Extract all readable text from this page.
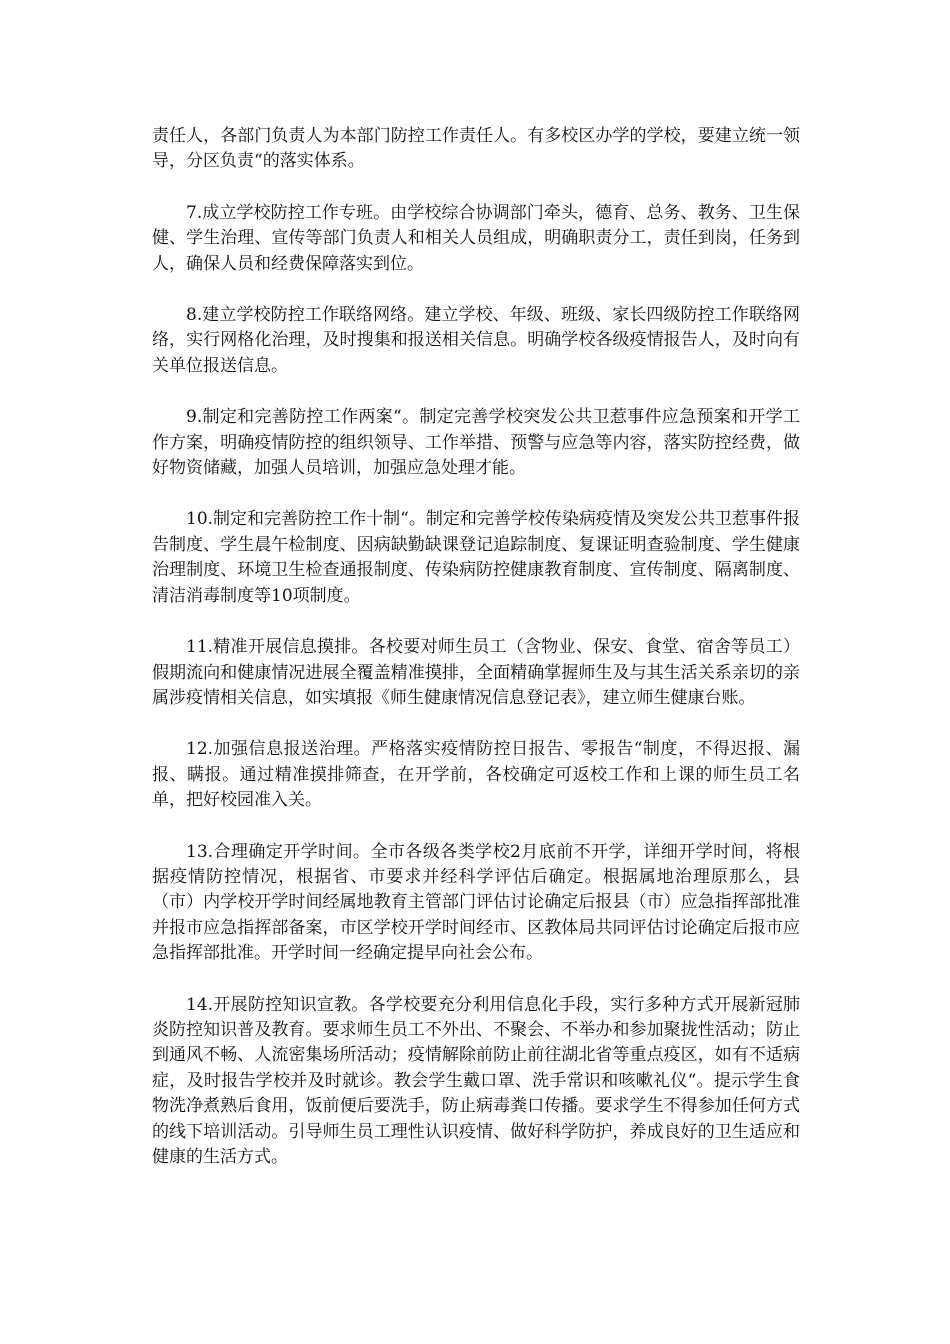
责任人，各部门负责人为本部门防控工作责任人。有多校区办学的学校，要建立统一领导，分区负责“的落实体系。

7.成立学校防控工作专班。由学校综合协调部门牵头，德育、总务、教务、卫生保健、学生治理、宣传等部门负责人和相关人员组成，明确职责分工，责任到岗，任务到人，确保人员和经费保障落实到位。

8.建立学校防控工作联络网络。建立学校、年级、班级、家长四级防控工作联络网络，实行网格化治理，及时搜集和报送相关信息。明确学校各级疫情报告人，及时向有关单位报送信息。

9.制定和完善防控工作两案“。制定完善学校突发公共卫惹事件应急预案和开学工作方案，明确疫情防控的组织领导、工作举措、预警与应急等内容，落实防控经费，做好物资储藏，加强人员培训，加强应急处理才能。

10.制定和完善防控工作十制“。制定和完善学校传染病疫情及突发公共卫惹事件报告制度、学生晨午检制度、因病缺勤缺课登记追踪制度、复课证明查验制度、学生健康治理制度、环境卫生检查通报制度、传染病防控健康教育制度、宣传制度、隔离制度、清洁消毒制度等10项制度。

11.精准开展信息摸排。各校要对师生员工（含物业、保安、食堂、宿舍等员工）假期流向和健康情况进展全覆盖精准摸排，全面精确掌握师生及与其生活关系亲切的亲属涉疫情相关信息，如实填报《师生健康情况信息登记表》，建立师生健康台账。

12.加强信息报送治理。严格落实疫情防控日报告、零报告“制度，不得迟报、漏报、瞒报。通过精准摸排筛查，在开学前，各校确定可返校工作和上课的师生员工名单，把好校园准入关。

13.合理确定开学时间。全市各级各类学校2月底前不开学，详细开学时间，将根据疫情防控情况，根据省、市要求并经科学评估后确定。根据属地治理原那么，县（市）内学校开学时间经属地教育主管部门评估讨论确定后报县（市）应急指挥部批准并报市应急指挥部备案，市区学校开学时间经市、区教体局共同评估讨论确定后报市应急指挥部批准。开学时间一经确定提早向社会公布。

14.开展防控知识宣教。各学校要充分利用信息化手段，实行多种方式开展新冠肺炎防控知识普及教育。要求师生员工不外出、不聚会、不举办和参加聚拢性活动；防止到通风不畅、人流密集场所活动；疫情解除前防止前往湖北省等重点疫区，如有不适病症，及时报告学校并及时就诊。教会学生戴口罩、洗手常识和咳嗽礼仪“。提示学生食物洗净煮熟后食用，饭前便后要洗手，防止病毒粪口传播。要求学生不得参加任何方式的线下培训活动。引导师生员工理性认识疫情、做好科学防护，养成良好的卫生适应和健康的生活方式。
